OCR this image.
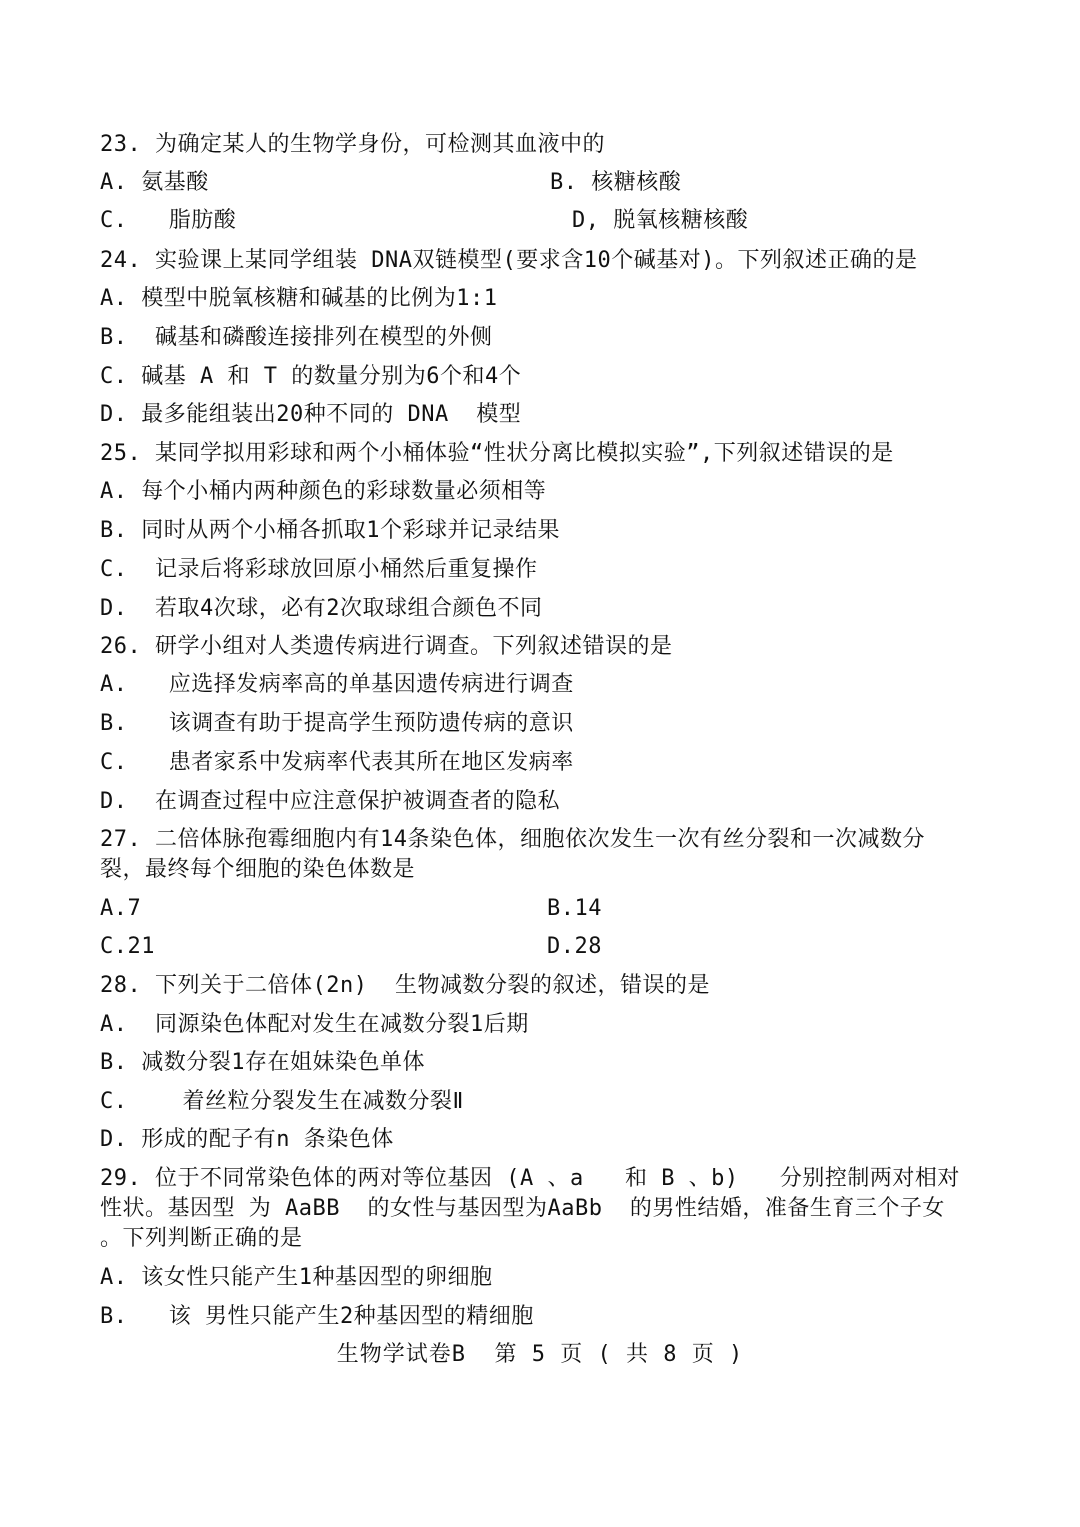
23. 为确定某人的生物学身份，可检测其血液中的
A. 氨基酸	B. 核糖核酸
C. 脂肪酸	D, 脱氧核糖核酸
24. 实验课上某同学组装 DNA双链模型(要求含10个碱基对)。下列叙述正确的是
A. 模型中脱氧核糖和碱基的比例为1:1
B. 碱基和磷酸连接排列在模型的外侧
C. 碱基 A 和 T 的数量分别为6个和4个
D. 最多能组装出20种不同的 DNA  模型
25. 某同学拟用彩球和两个小桶体验“性状分离比模拟实验”,下列叙述错误的是
A. 每个小桶内两种颜色的彩球数量必须相等
B. 同时从两个小桶各抓取1个彩球并记录结果
C. 记录后将彩球放回原小桶然后重复操作
D. 若取4次球，必有2次取球组合颜色不同
26. 研学小组对人类遗传病进行调查。下列叙述错误的是
A. 应选择发病率高的单基因遗传病进行调查
B. 该调查有助于提高学生预防遗传病的意识
C. 患者家系中发病率代表其所在地区发病率
D. 在调查过程中应注意保护被调查者的隐私
27. 二倍体脉孢霉细胞内有14条染色体，细胞依次发生一次有丝分裂和一次减数分
裂，最终每个细胞的染色体数是
A.7	B.14
C.21	D.28
28. 下列关于二倍体(2n)  生物减数分裂的叙述，错误的是
A. 同源染色体配对发生在减数分裂1后期
B. 减数分裂1存在姐妹染色单体
C. 着丝粒分裂发生在减数分裂Ⅱ
D. 形成的配子有n 条染色体
29. 位于不同常染色体的两对等位基因 (A 、a   和 B 、b)   分别控制两对相对
性状。基因型 为 AaBB  的女性与基因型为AaBb  的男性结婚，准备生育三个子女
。下列判断正确的是
A. 该女性只能产生1种基因型的卵细胞
B. 该 男性只能产生2种基因型的精细胞
生物学试卷B 第 5 页 ( 共 8 页 )
